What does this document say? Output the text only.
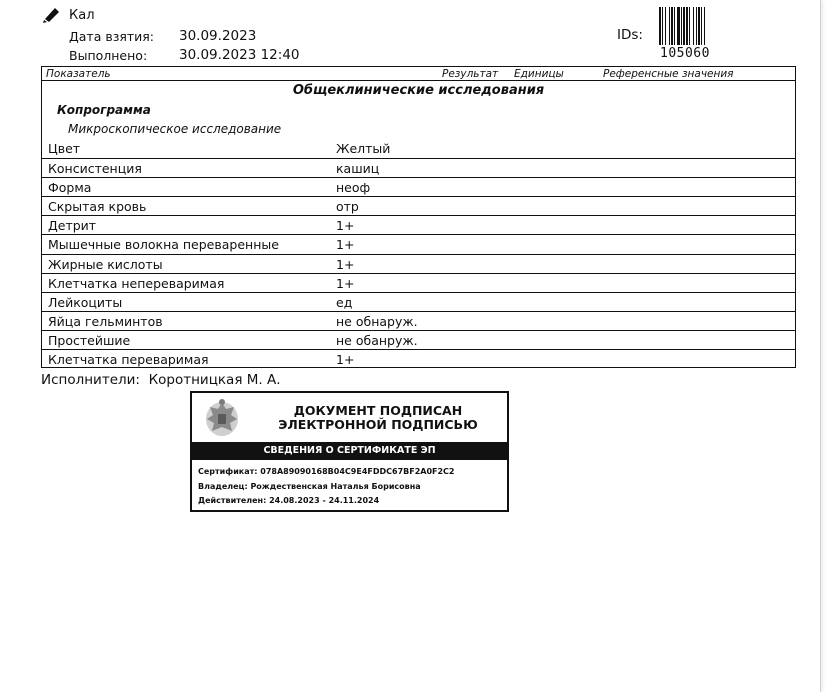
Кал
Дата взятия: 30.09.2023
Выполнено: 30.09.2023 12:40
IDs:
105060
Показатель	Результат Единицы	Референсные значения
Общеклинические исследования
Копрограмма
Микроскопическое исследование
Цвет	Желтый
Консистенция	кашиц
Форма	неоф
Скрытая кровь	отр
Детрит	1+
Мышечные волокна переваренные	1+
Жирные кислоты	1+
Клетчатка непереваримая	1+
Лейкоциты	ед
Яйца гельминтов	не обнаруж.
Простейшие	не обанруж.
Клетчатка переваримая	1+
Исполнители: Коротницкая М. А.
ДОКУМЕНТ ПОДПИСАН
ЭЛЕКТРОННОЙ ПОДПИСЬЮ
СВЕДЕНИЯ О СЕРТИФИКАТЕ ЭП
Сертификат: 078A89090168B04C9E4FDDC67BF2A0F2C2
Владелец: Рождественская Наталья Борисовна
Действителен: 24.08.2023 - 24.11.2024
